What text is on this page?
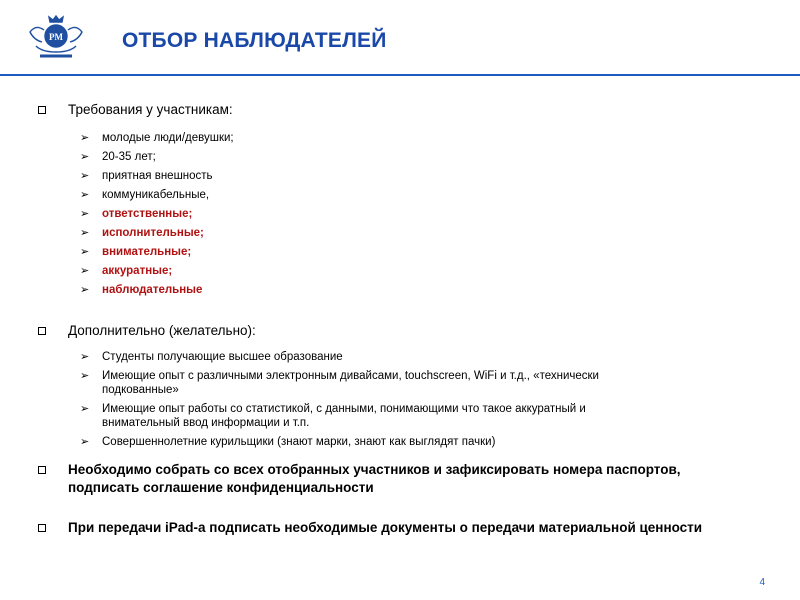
PM	ОТБОР НАБЛЮДАТЕЛЕЙ
Требования у участникам:
➢	молодые люди/девушки;
➢	20-35 лет;
➢	приятная внешность
➢	коммуникабельные,
➢	ответственные;
➢	исполнительные;
➢	внимательные;
➢	аккуратные;
➢	наблюдательные
Дополнительно (желательно):
➢	Студенты получающие высшее образование
➢	Имеющие опыт с различными электронным дивайсами, touchscreen, WiFi и т.д., «технически подкованные»
➢	Имеющие опыт работы со статистикой, с данными, понимающими что такое аккуратный и внимательный ввод информации и т.п.
➢	Совершеннолетние курильщики (знают марки, знают как выглядят пачки)
Необходимо собрать со всех отобранных участников и зафиксировать номера паспортов, подписать соглашение конфиденциальности
При передачи iPad-а подписать необходимые документы о передачи материальной ценности
4
